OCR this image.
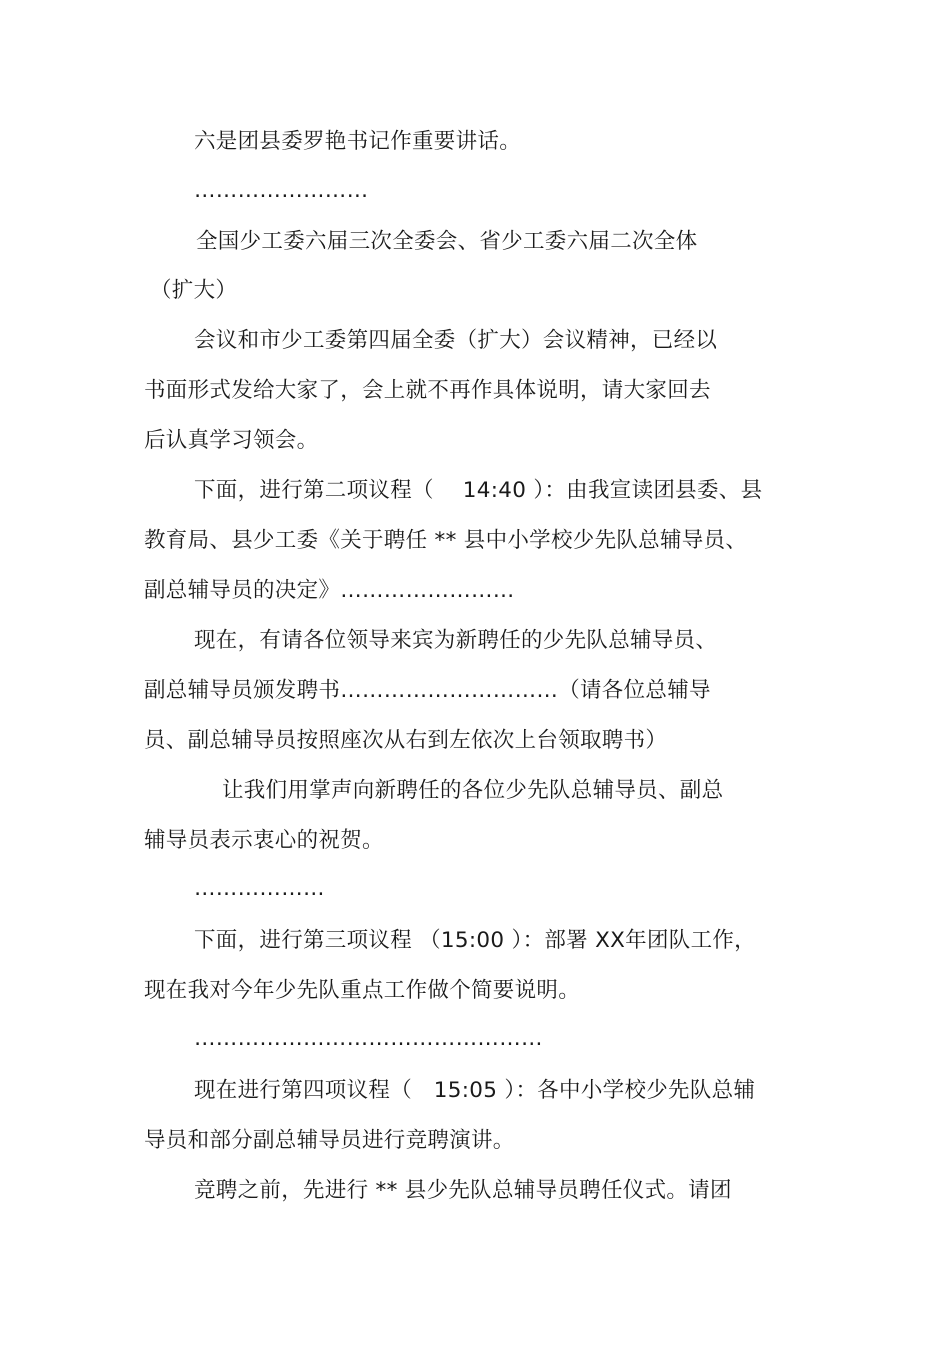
六是团县委罗艳书记作重要讲话。
……………………
全国少工委六届三次全委会、省少工委六届二次全体
（扩大）
会议和市少工委第四届全委（扩大）会议精神，已经以
书面形式发给大家了，会上就不再作具体说明，请大家回去
后认真学习领会。
下面，进行第二项议程（　 14:40 ）：由我宣读团县委、县
教育局、县少工委《关于聘任 ** 县中小学校少先队总辅导员、
副总辅导员的决定》……………………
现在，有请各位领导来宾为新聘任的少先队总辅导员、
副总辅导员颁发聘书…………………………（请各位总辅导
员、副总辅导员按照座次从右到左依次上台领取聘书）
让我们用掌声向新聘任的各位少先队总辅导员、副总
辅导员表示衷心的祝贺。
………………
下面，进行第三项议程 （15:00 ）：部署 XX年团队工作，
现在我对今年少先队重点工作做个简要说明。
…………………………………………
现在进行第四项议程（　15:05 ）：各中小学校少先队总辅
导员和部分副总辅导员进行竞聘演讲。
竞聘之前，先进行 ** 县少先队总辅导员聘任仪式。请团
